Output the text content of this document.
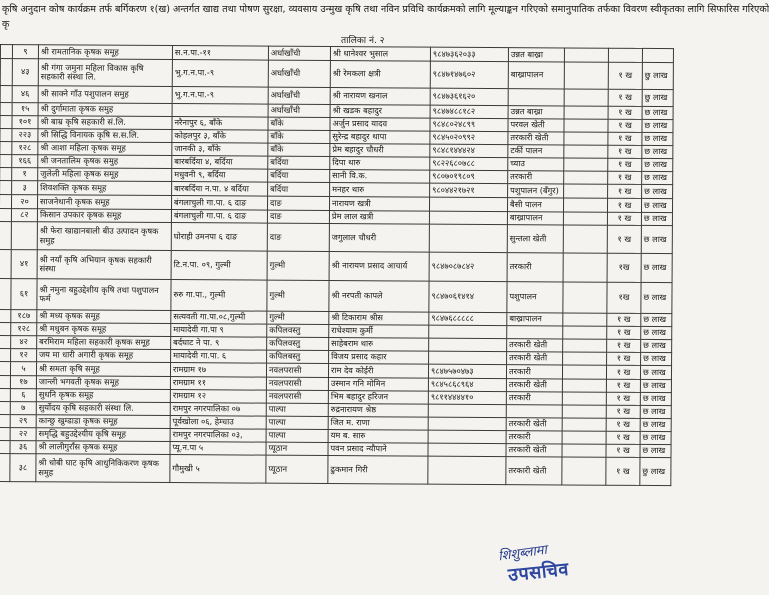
कृषि अनुदान कोष कार्यक्रम तर्फ बर्गिकरण १(ख) अन्तर्गत खाद्य तथा पोषण सुरक्षा, व्यवसाय उन्मुख कृषि तथा नविन प्रविधि कार्यक्रमको लागि मूल्याङ्कन गरिएको समानुपातिक तर्फका विवरण स्वीकृतका लागि सिफारिस गरिएको
कृ
तालिका नं. २
	९	श्री रामतानिक कृषक समूह	स.न.पा.-११	अर्घाखाँची	श्री धानेश्वर भुसाल	९८४७३६२०३३	उन्नत बाख्रा			
	४३	श्री गंगा जमुना महिला विकास कृषि सहकारी संस्था लि.	भु.ग.न.पा.-९	अर्घाखाँची	श्री रेमकला क्षत्री	९८४७१४७६०२	बाख्रापालन		१ ख	छु लाख
	४६	श्री साक्ने गाँउ पशुपालन समुह	भु.ग.न.पा.-९	अर्घाखाँची	श्री नारायण खनाल	९८४७३६१६२०			१ ख	छु लाख
	१५	श्री दुर्गामाता कृषक समुह		अर्घाखाँची	श्री खडक बहादुर	९८४७४८८१८२	उन्नत बाख्रा		१ ख	छ लाख
	१०१	श्री बाम्र कृषि सहकारी सं.लि.	नरैनापुर ६, बाँके	बाँके	अर्जुन प्रसाद यादव	९८४८०२४८९९	परवल खेती		१ ख	छ लाख
	२२३	श्री सिद्धि विनायक कृषि स.स.लि.	कोहलपुर ३, बाँके	बाँके	सुरेन्द्र बहादुर थापा	९८४५०२०९९२	तरकारी खेती		१ ख	छ लाख
	१२८	श्री आशा महिला कृषक समूह	जानकी ३, बाँके	बाँके	प्रेम बहादुर चौधरी	९८४८१४४४२४	टर्की पालन		१ ख	छ लाख
	१६६	श्री जनतालिम कृषक समुह	बारबर्दिया ४, बर्दिया	बर्दिया	दिपा थारु	९८२२६८०७८८	च्याउ		१ ख	छ लाख
	१	जुलेली महिला कृषक समूह	मधुवनी ९, बर्दिया	बर्दिया	सानी वि.क.	९८०७०१९८०९	तरकारी		१ ख	छ लाख
	३	शिवशक्ति कृषक समूह	बारबर्दिया न.पा. ४ बर्दिया	बर्दिया	मनहर थारु	९८०४४२१७२१	पशुपालन (बँगुर)		१ ख	छ लाख
	२०	साजनेथानी कृषक समूह	बंगलाचुली गा.पा. ६ दाङ	दाङ	नारायण खत्री		बैसी पालन		१ ख	छ लाख
	८२	किसान उपकार कृषक समूह	बंगलाचुली गा.पा. ६ दाङ	दाङ	प्रेम लाल खत्री		बाख्रापालन		१ ख	छ लाख
		श्री फेरा खाद्यानबाली बीउ उत्पादन कृषक समुह	घोराही उमनपा ६ दाङ	दाङ	जगुलाल चौधरी		सुन्तला खेती		१ ख	छ लाख
	४१	श्री नयाँ कृषि अभियान कृषक सहकारी संस्था	टि.न.पा. ०९, गुल्मी	गुल्मी	श्री नारायण प्रसाद आचार्य	९८४७०८७८४२	तरकारी		१ख	छ लाख
	६१	श्री नमुना बहुउद्देशीय कृषि तथा पशुपालन फर्म	रुरु गा.पा., गुल्मी	गुल्मी	श्री नरपती कापले	९८४७०६१४१४	पशुपालन		१ख	छ लाख
	१८७	श्री मध्य कृषक समूह	सत्यवती गा.पा.०८,गुल्मी	गुल्मी	श्री टिकाराम श्रीस	९८४७६८८८८८	बाख्रापालन		१ ख	छ लाख
	१२८	श्री मधुबन कृषक समूह	मायादेवी गा.पा ९	कपिलवस्तु	राधेश्याम कुर्मी				१ ख	छ लाख
	४२	बरमिराम महिला सहकारी कृषक समूह	बर्दघाट ने पा. ९	कपिलवस्तु	साहेबराम थारु		तरकारी खेती		१ ख	छ लाख
	१२	जय मा धारी अगारी कृषक समूह	मायादेवी गा.पा. ६	कपिलबस्तु	विजय प्रसाद कहार		तरकारी खेती		१ ख	छ लाख
	५	श्री समता कृषि समूह	रामग्राम १७	नवलपरासी	राम देव कोईरी	९८४७५७०४७३	तरकारी		१ ख	छ लाख
	१७	जान्ली भगवती कृषक समूह	रामग्राम ११	नवलपरासी	उस्मान गनि मोमिन	९८४५८६८९६४	तरकारी खेती		१ ख	छ लाख
	६	सुधनि कृषक समूह	रामग्राम १२	नवलपरासी	भिम बहादुर हरिजन	९८११४४४४१०	तरकारी		१ ख	छ लाख
	७	सुर्योदय कृषि सहकारी संस्था लि.	रामपुर नगरपालिका ०७	पाल्पा	रुद्रनारायण श्रेष्ठ				१ ख	छ लाख
	२९	कान्छु खुम्डाडा कृषक समूह	पूर्वखोला ०६, हेम्चाउ	पाल्पा	जित म. राणा		तरकारी खेती		१ ख	छ लाख
	२२	समृद्धि बहुउद्देश्यीय कृषि समूह	रामपुर नगरपालिका ०३,	पाल्पा	यम ब. सारु		तरकारी		१ ख	छ लाख
	३६	श्री लालीगुराँस कृषक समूह	प्यू.न.पा ५	प्यूठान	पवन प्रसाद न्यौपाने		तरकारी खेती		१ ख	छ लाख
	३८	श्री धोबी घाट कृषि आधुनिकिकरण कृषक समुह	गौमुखी ५	प्यूठान	ढुकमान गिरी		तरकारी खेती		१ ख	छु लाख
शिशुब्लामा
उपसचिव
